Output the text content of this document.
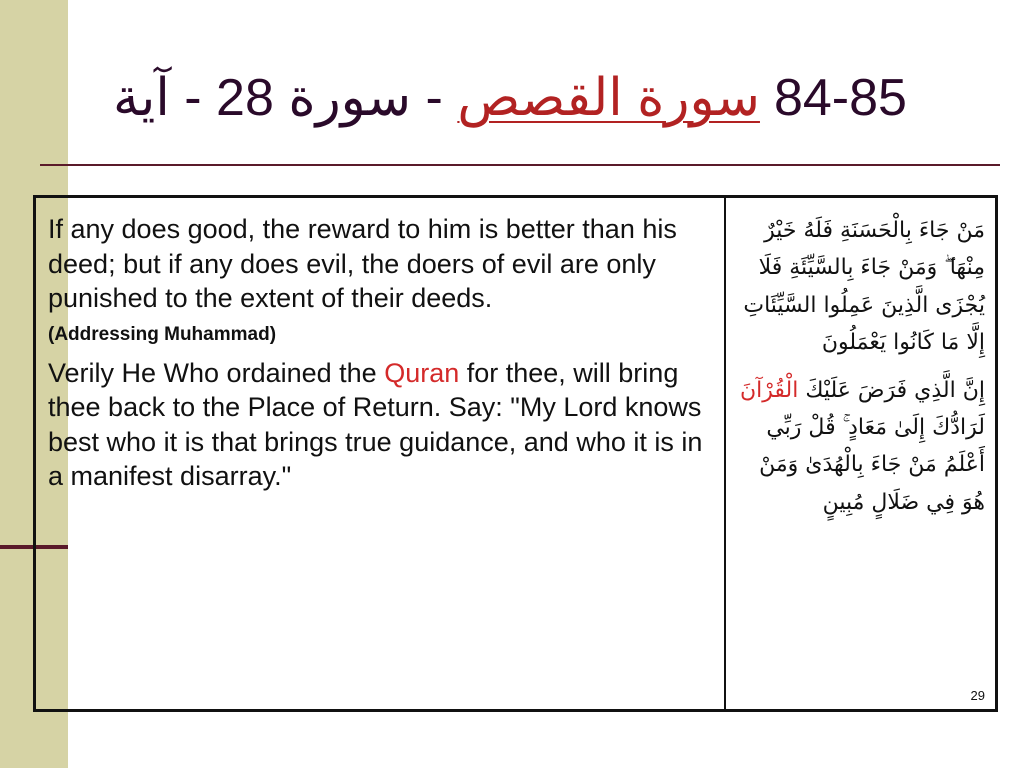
سورة القصص - سورة 28 - آية	84-85

If any does good, the reward to him is better than his deed; but if any does evil, the doers of evil are only punished to the extent of their deeds.

(Addressing Muhammad)

Verily He Who ordained the Quran for thee, will bring thee back to the Place of Return. Say: "My Lord knows best who it is that brings true guidance, and who it is in a manifest disarray."

مَنْ جَاءَ بِالْحَسَنَةِ فَلَهُ خَيْرٌ مِنْهَا ۖ وَمَنْ جَاءَ بِالسَّيِّئَةِ فَلَا يُجْزَى الَّذِينَ عَمِلُوا السَّيِّئَاتِ إِلَّا مَا كَانُوا يَعْمَلُونَ

إِنَّ الَّذِي فَرَضَ عَلَيْكَ الْقُرْآنَ لَرَادُّكَ إِلَىٰ مَعَادٍ ۚ قُلْ رَبِّي أَعْلَمُ مَنْ جَاءَ بِالْهُدَىٰ وَمَنْ هُوَ فِي ضَلَالٍ مُبِينٍ

29
